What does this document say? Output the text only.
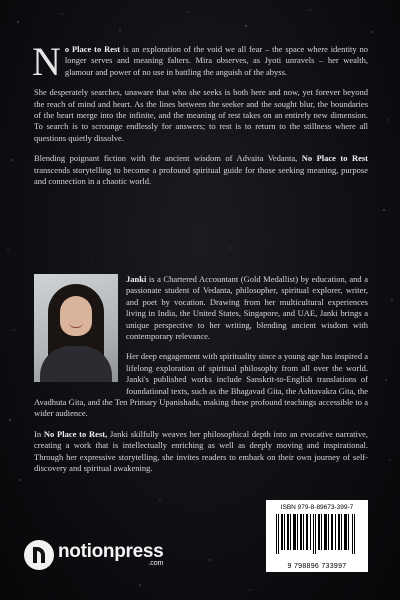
No Place to Rest is an exploration of the void we all fear – the space where identity no longer serves and meaning falters. Mira observes, as Jyoti unravels – her wealth, glamour and power of no use in battling the anguish of the abyss.

She desperately searches, unaware that who she seeks is both here and now, yet forever beyond the reach of mind and heart. As the lines between the seeker and the sought blur, the boundaries of the heart merge into the infinite, and the meaning of rest takes on an entirely new dimension. To search is to scrounge endlessly for answers; to rest is to return to the stillness where all questions quietly dissolve.

Blending poignant fiction with the ancient wisdom of Advaita Vedanta, No Place to Rest transcends storytelling to become a profound spiritual guide for those seeking meaning, purpose and connection in a chaotic world.

Janki is a Chartered Accountant (Gold Medallist) by education, and a passionate student of Vedanta, philosopher, spiritual explorer, writer, and poet by vocation. Drawing from her multicultural experiences living in India, the United States, Singapore, and UAE, Janki brings a unique perspective to her writing, blending ancient wisdom with contemporary relevance.

Her deep engagement with spirituality since a young age has inspired a lifelong exploration of spiritual philosophy from all over the world. Janki's published works include Sanskrit-to-English translations of foundational texts, such as the Bhagavad Gita, the Ashtavakra Gita, the Avadhuta Gita, and the Ten Primary Upanishads, making these profound teachings accessible to a wider audience.

In No Place to Rest, Janki skilfully weaves her philosophical depth into an evocative narrative, creating a work that is intellectually enriching as well as deeply moving and inspirational. Through her expressive storytelling, she invites readers to embark on their own journey of self-discovery and spiritual awakening.

ISBN 979-8-89673-399-7
9 798896 733997
notionpress
.com
